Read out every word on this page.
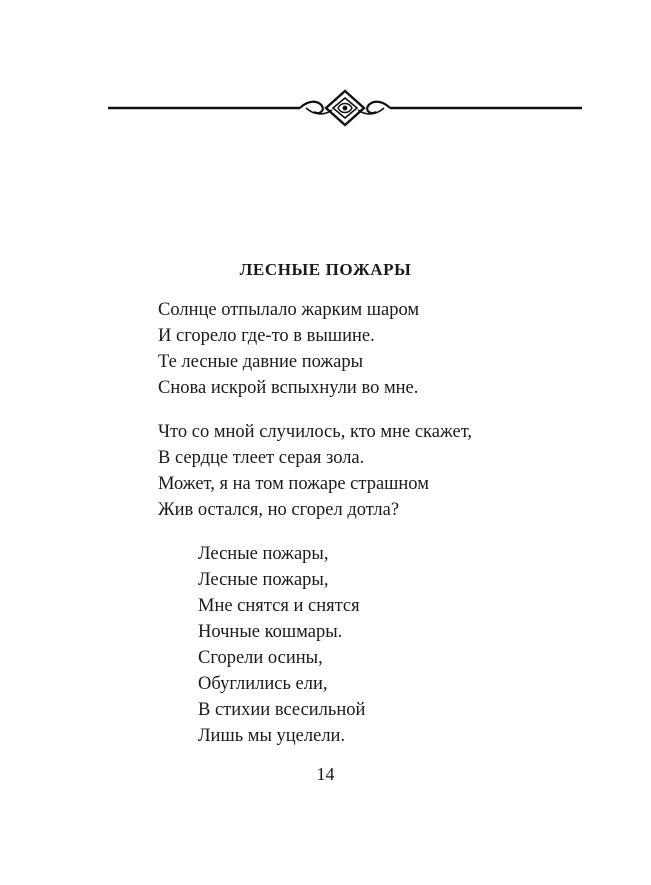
ЛЕСНЫЕ ПОЖАРЫ
Солнце отпылало жарким шаром
И сгорело где-то в вышине.
Те лесные давние пожары
Снова искрой вспыхнули во мне.
Что со мной случилось, кто мне скажет,
В сердце тлеет серая зола.
Может, я на том пожаре страшном
Жив остался, но сгорел дотла?
Лесные пожары,
Лесные пожары,
Мне снятся и снятся
Ночные кошмары.
Сгорели осины,
Обуглились ели,
В стихии всесильной
Лишь мы уцелели.
14
